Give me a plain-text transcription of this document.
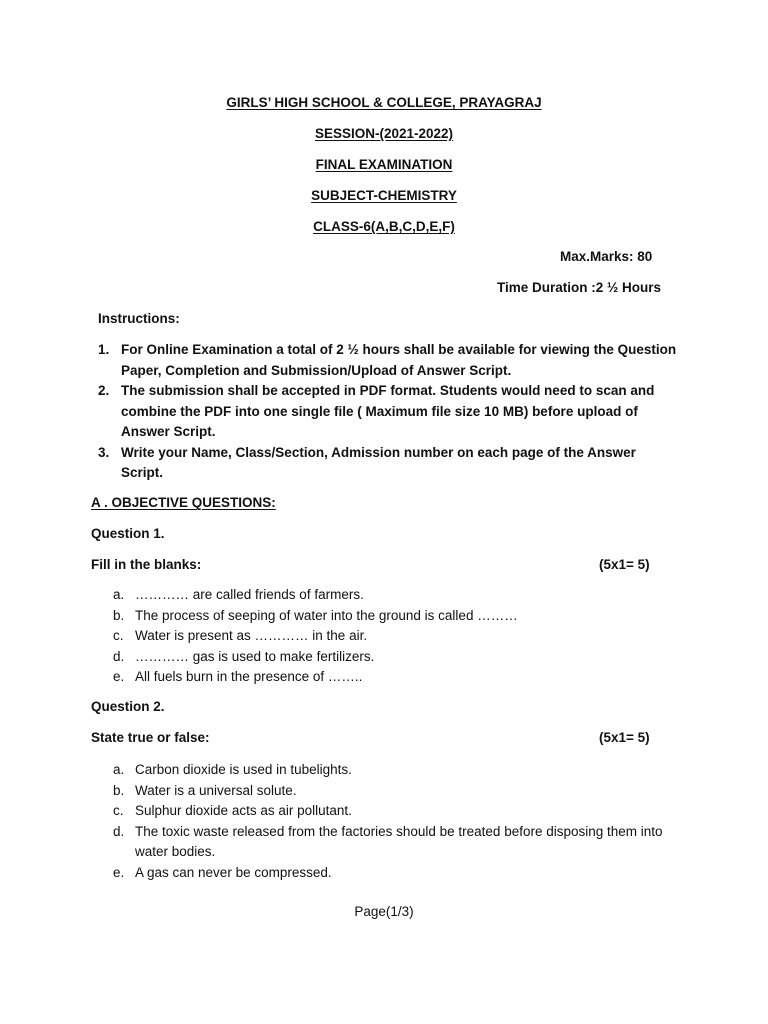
GIRLS’ HIGH SCHOOL & COLLEGE, PRAYAGRAJ
SESSION-(2021-2022)
FINAL EXAMINATION
SUBJECT-CHEMISTRY
CLASS-6(A,B,C,D,E,F)
Max.Marks: 80
Time Duration :2 ½ Hours
Instructions:
1. For Online Examination a total of 2 ½ hours shall be available for viewing the Question Paper, Completion and Submission/Upload of Answer Script.
2. The submission shall be accepted in PDF format. Students would need to scan and combine the PDF into one single file ( Maximum file size 10 MB) before upload of Answer Script.
3. Write your Name, Class/Section, Admission number on each page of the Answer Script.
A . OBJECTIVE QUESTIONS:
Question 1.
Fill in the blanks:	(5x1= 5)
a. ………… are called friends of farmers.
b. The process of seeping of water into the ground is called ………
c. Water is present as ………… in the air.
d. ………… gas is used to make fertilizers.
e. All fuels burn in the presence of ……..
Question 2.
State true or false:	(5x1= 5)
a. Carbon dioxide is used in tubelights.
b. Water is a universal solute.
c. Sulphur dioxide acts as air pollutant.
d. The toxic waste released from the factories should be treated before disposing them into water bodies.
e. A gas can never be compressed.
Page(1/3)
